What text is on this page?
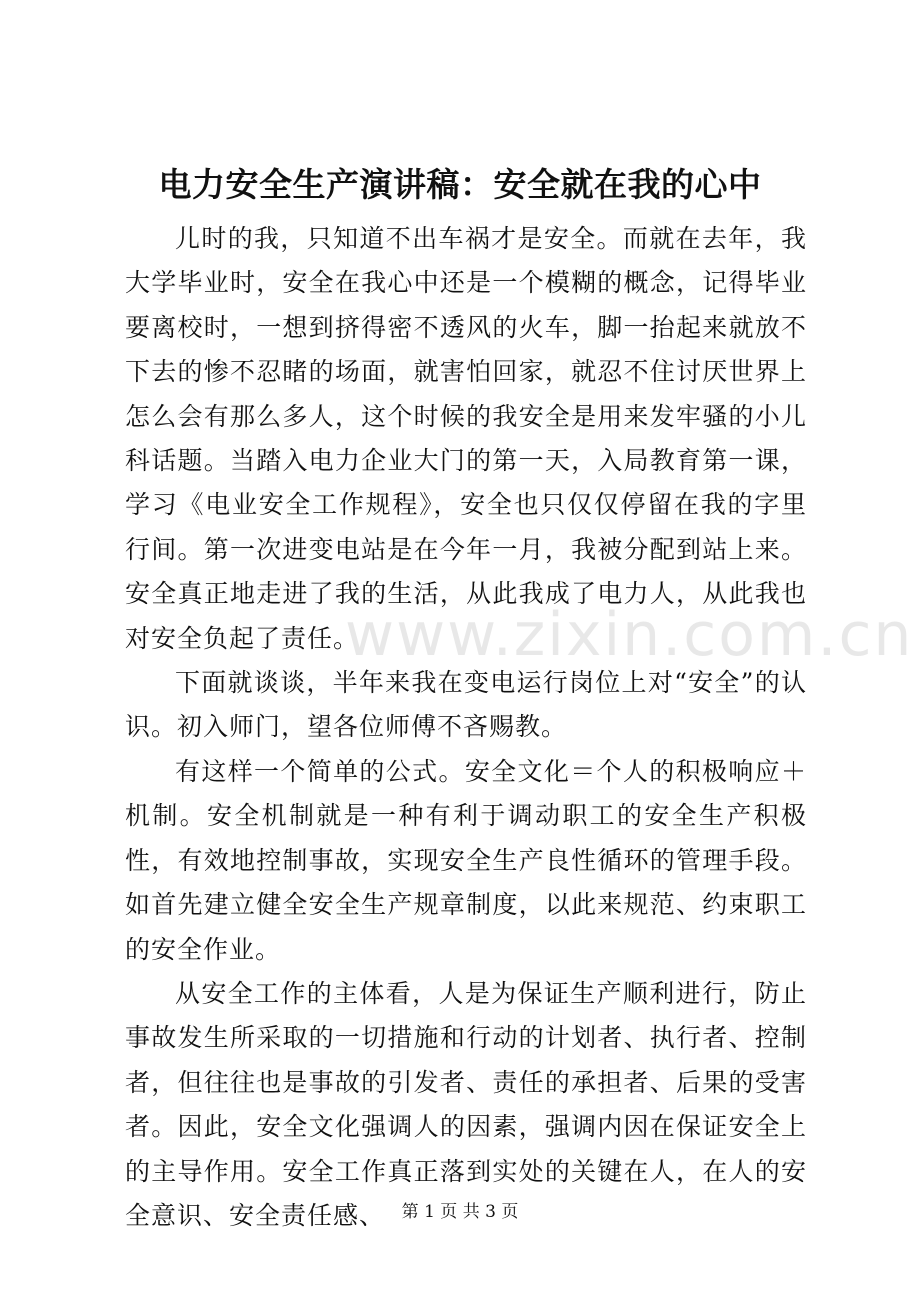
电力安全生产演讲稿：安全就在我的心中
www.zixin.com.cn

儿时的我，只知道不出车祸才是安全。而就在去年，我大学毕业时，安全在我心中还是一个模糊的概念，记得毕业要离校时，一想到挤得密不透风的火车，脚一抬起来就放不下去的惨不忍睹的场面，就害怕回家，就忍不住讨厌世界上怎么会有那么多人，这个时候的我安全是用来发牢骚的小儿科话题。当踏入电力企业大门的第一天，入局教育第一课，学习《电业安全工作规程》，安全也只仅仅停留在我的字里行间。第一次进变电站是在今年一月，我被分配到站上来。安全真正地走进了我的生活，从此我成了电力人，从此我也对安全负起了责任。

下面就谈谈，半年来我在变电运行岗位上对“安全”的认识。初入师门，望各位师傅不吝赐教。

有这样一个简单的公式。安全文化＝个人的积极响应＋机制。安全机制就是一种有利于调动职工的安全生产积极性，有效地控制事故，实现安全生产良性循环的管理手段。如首先建立健全安全生产规章制度，以此来规范、约束职工的安全作业。

从安全工作的主体看，人是为保证生产顺利进行，防止事故发生所采取的一切措施和行动的计划者、执行者、控制者，但往往也是事故的引发者、责任的承担者、后果的受害者。因此，安全文化强调人的因素，强调内因在保证安全上的主导作用。安全工作真正落到实处的关键在人，在人的安全意识、安全责任感、 第 1 页 共 3 页
